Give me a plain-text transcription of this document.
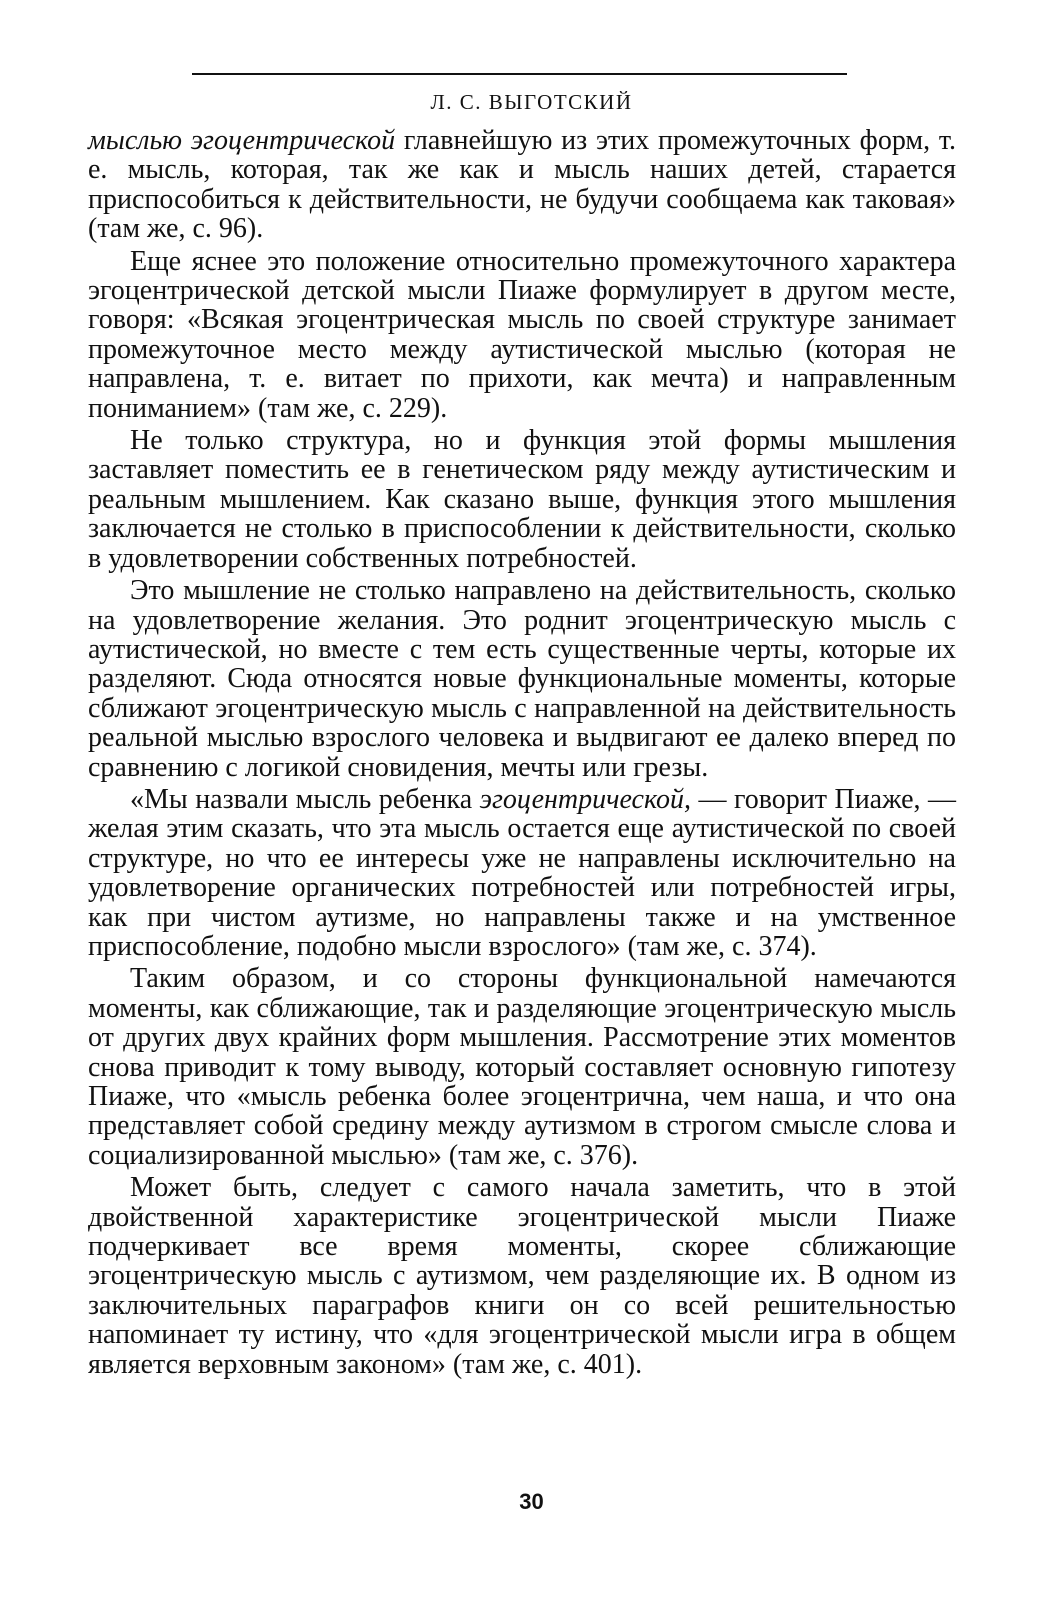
Л. С. ВЫГОТСКИЙ

мыслью эгоцентрической главнейшую из этих промежуточных форм, т. е. мысль, которая, так же как и мысль наших детей, старается приспособиться к действительности, не будучи сообщаема как таковая» (там же, с. 96).

Еще яснее это положение относительно промежуточного характера эгоцентрической детской мысли Пиаже формулирует в другом месте, говоря: «Всякая эгоцентрическая мысль по своей структуре занимает промежуточное место между аутистической мыслью (которая не направлена, т. е. витает по прихоти, как мечта) и направленным пониманием» (там же, с. 229).

Не только структура, но и функция этой формы мышления заставляет поместить ее в генетическом ряду между аутистическим и реальным мышлением. Как сказано выше, функция этого мышления заключается не столько в приспособлении к действительности, сколько в удовлетворении собственных потребностей.

Это мышление не столько направлено на действительность, сколько на удовлетворение желания. Это роднит эгоцентрическую мысль с аутистической, но вместе с тем есть существенные черты, которые их разделяют. Сюда относятся новые функциональные моменты, которые сближают эгоцентрическую мысль с направленной на действительность реальной мыслью взрослого человека и выдвигают ее далеко вперед по сравнению с логикой сновидения, мечты или грезы.

«Мы назвали мысль ребенка эгоцентрической, — говорит Пиаже, — желая этим сказать, что эта мысль остается еще аутистической по своей структуре, но что ее интересы уже не направлены исключительно на удовлетворение органических потребностей или потребностей игры, как при чистом аутизме, но направлены также и на умственное приспособление, подобно мысли взрослого» (там же, с. 374).

Таким образом, и со стороны функциональной намечаются моменты, как сближающие, так и разделяющие эгоцентрическую мысль от других двух крайних форм мышления. Рассмотрение этих моментов снова приводит к тому выводу, который составляет основную гипотезу Пиаже, что «мысль ребенка более эгоцентрична, чем наша, и что она представляет собой средину между аутизмом в строгом смысле слова и социализированной мыслью» (там же, с. 376).

Может быть, следует с самого начала заметить, что в этой двойственной характеристике эгоцентрической мысли Пиаже подчеркивает все время моменты, скорее сближающие эгоцентрическую мысль с аутизмом, чем разделяющие их. В одном из заключительных параграфов книги он со всей решительностью напоминает ту истину, что «для эгоцентрической мысли игра в общем является верховным законом» (там же, с. 401).

30
